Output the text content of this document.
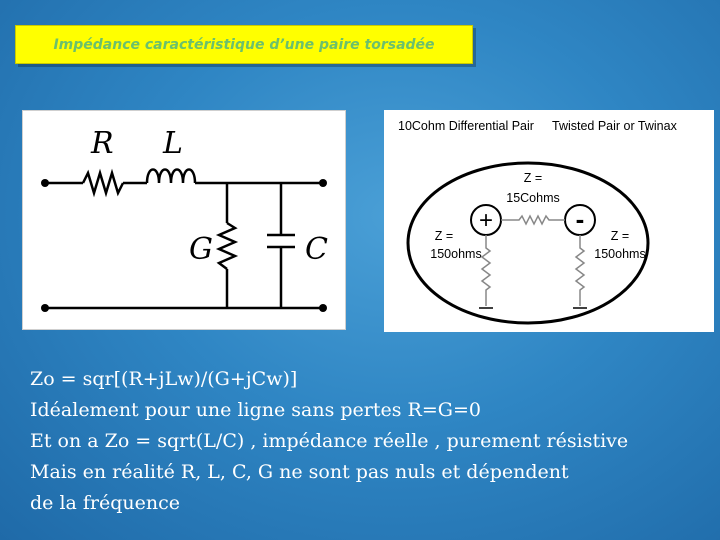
Impédance caractéristique d’une paire torsadée
R L
G	C
10Cohm Differential Pair Twisted Pair or Twinax
+	-
Z =
15Cohms
Z =
150ohms
Z =
150ohms
Zo = sqr[(R+jLw)/(G+jCw)]
Idéalement pour une ligne sans pertes R=G=0
Et on a Zo = sqrt(L/C) , impédance réelle , purement résistive
Mais en réalité R, L, C, G ne sont pas nuls et dépendent
de la fréquence
